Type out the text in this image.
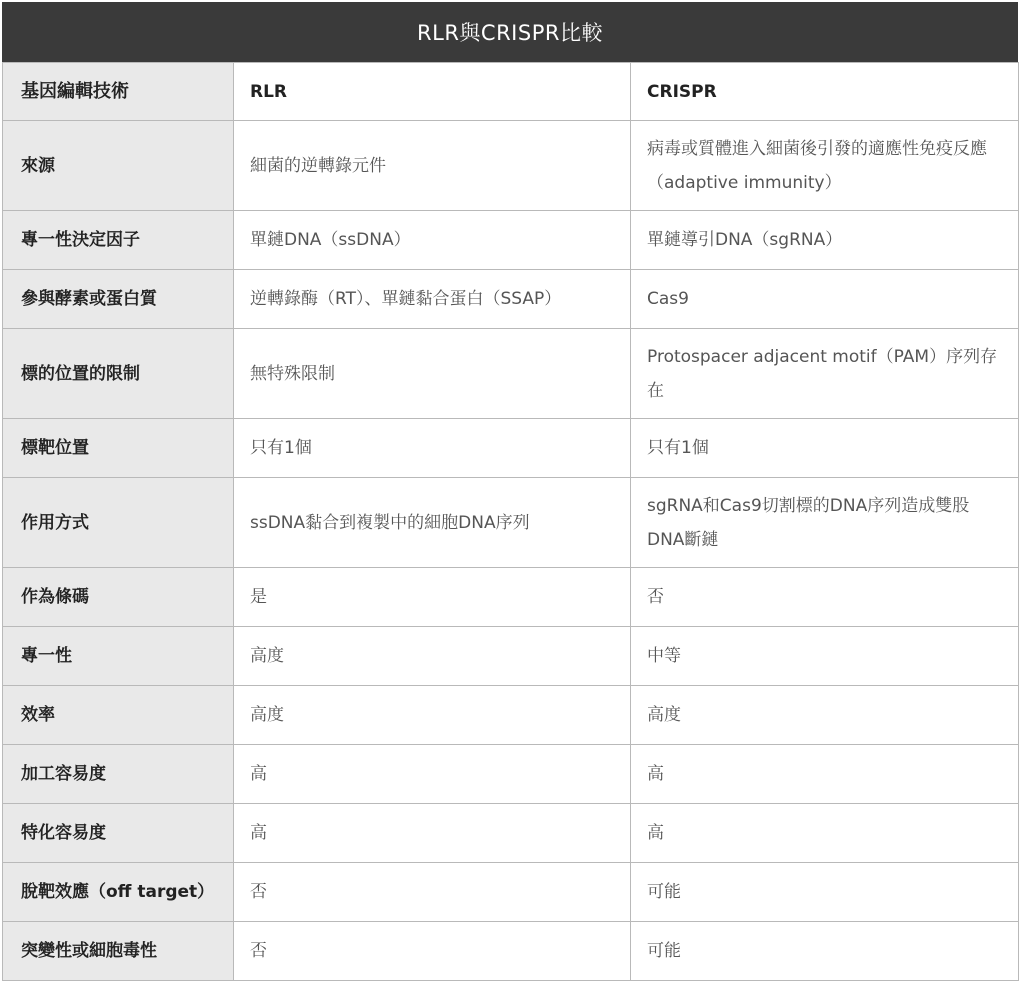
RLR與CRISPR比較
基因編輯技術	RLR	CRISPR
來源	細菌的逆轉錄元件	病毒或質體進入細菌後引發的適應性免疫反應（adaptive immunity）
專一性決定因子	單鏈DNA（ssDNA）	單鏈導引DNA（sgRNA）
參與酵素或蛋白質	逆轉錄酶（RT）、單鏈黏合蛋白（SSAP）	Cas9
標的位置的限制	無特殊限制	Protospacer adjacent motif（PAM）序列存在
標靶位置	只有1個	只有1個
作用方式	ssDNA黏合到複製中的細胞DNA序列	sgRNA和Cas9切割標的DNA序列造成雙股DNA斷鏈
作為條碼	是	否
專一性	高度	中等
效率	高度	高度
加工容易度	高	高
特化容易度	高	高
脫靶效應（off target）	否	可能
突變性或細胞毒性	否	可能
